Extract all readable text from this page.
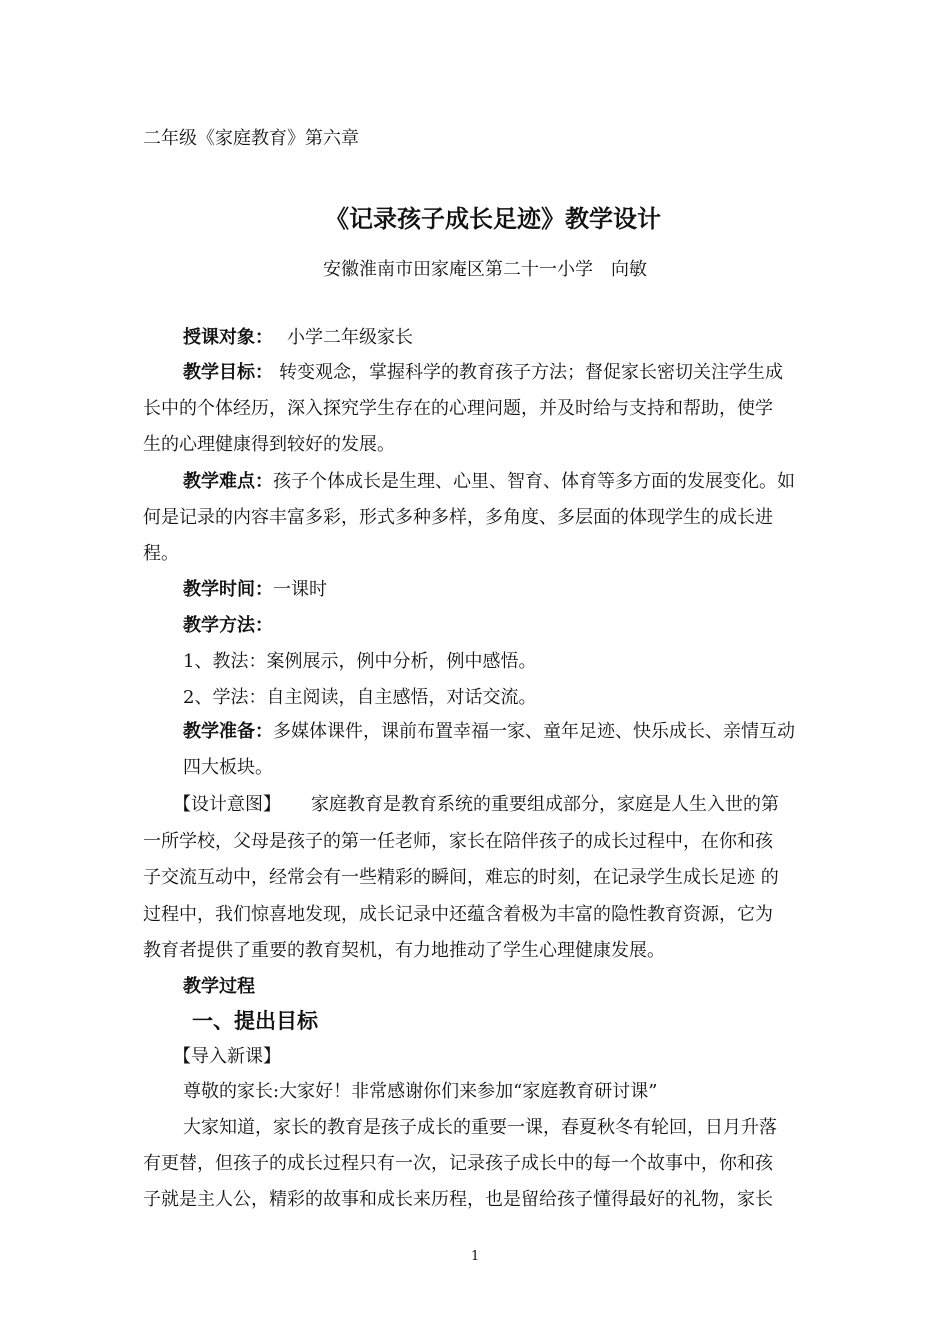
二年级《家庭教育》第六章
《记录孩子成长足迹》教学设计
安徽淮南市田家庵区第二十一小学　向敏
授课对象： 小学二年级家长
教学目标： 转变观念，掌握科学的教育孩子方法；督促家长密切关注学生成
长中的个体经历，深入探究学生存在的心理问题，并及时给与支持和帮助，使学
生的心理健康得到较好的发展。
教学难点：孩子个体成长是生理、心里、智育、体育等多方面的发展变化。如
何是记录的内容丰富多彩，形式多种多样，多角度、多层面的体现学生的成长进
程。
教学时间：一课时
教学方法：
1、教法：案例展示，例中分析，例中感悟。
2、学法：自主阅读，自主感悟，对话交流。
教学准备：多媒体课件，课前布置幸福一家、童年足迹、快乐成长、亲情互动
四大板块。
【设计意图】 家庭教育是教育系统的重要组成部分，家庭是人生入世的第
一所学校，父母是孩子的第一任老师，家长在陪伴孩子的成长过程中，在你和孩
子交流互动中，经常会有一些精彩的瞬间，难忘的时刻，在记录学生成长足迹 的
过程中，我们惊喜地发现，成长记录中还蕴含着极为丰富的隐性教育资源，它为
教育者提供了重要的教育契机，有力地推动了学生心理健康发展。
教学过程
一、提出目标
【导入新课】
尊敬的家长:大家好！非常感谢你们来参加“家庭教育研讨课”
大家知道，家长的教育是孩子成长的重要一课，春夏秋冬有轮回，日月升落
有更替，但孩子的成长过程只有一次，记录孩子成长中的每一个故事中，你和孩
子就是主人公，精彩的故事和成长来历程，也是留给孩子懂得最好的礼物，家长
1
